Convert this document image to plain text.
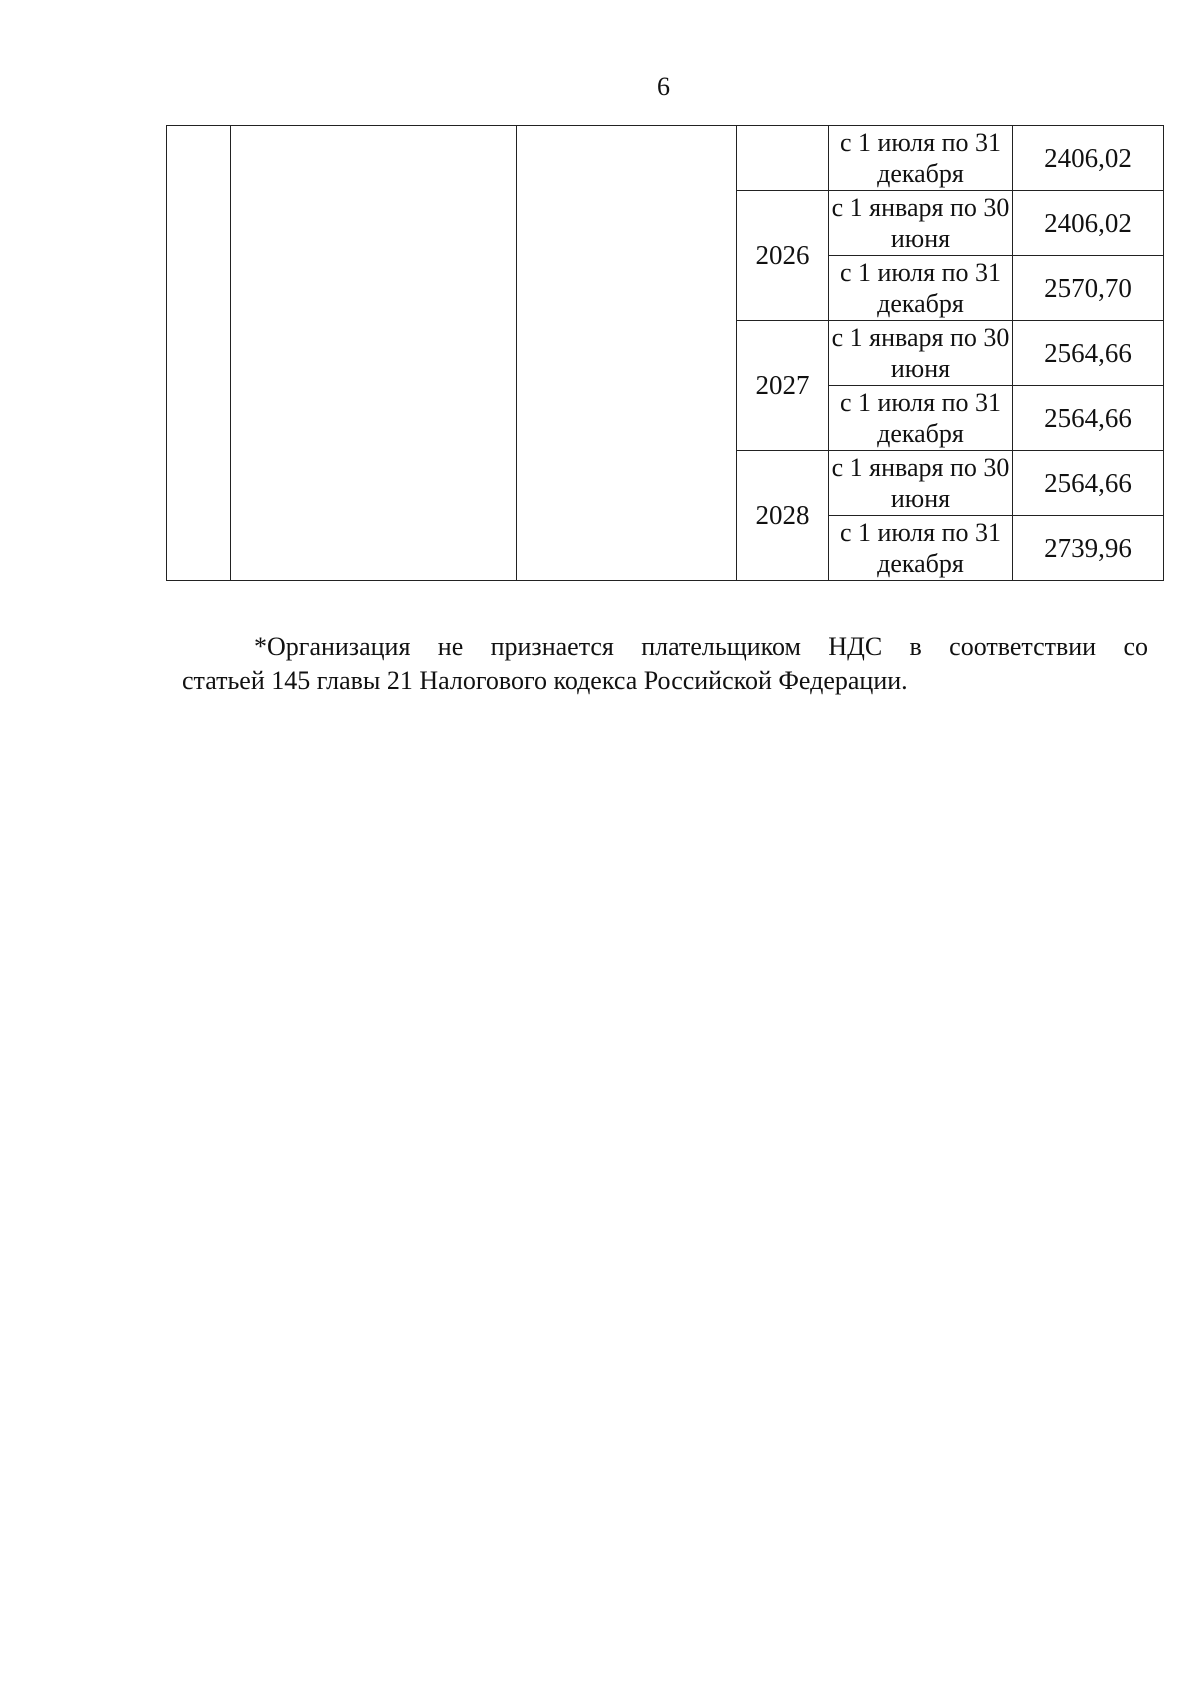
6
				с 1 июля по 31 декабря	2406,02
			2026	с 1 января по 30 июня	2406,02
				с 1 июля по 31 декабря	2570,70
			2027	с 1 января по 30 июня	2564,66
				с 1 июля по 31 декабря	2564,66
			2028	с 1 января по 30 июня	2564,66
				с 1 июля по 31 декабря	2739,96
*Организация не признается плательщиком НДС в соответствии со
статьей 145 главы 21 Налогового кодекса Российской Федерации.
